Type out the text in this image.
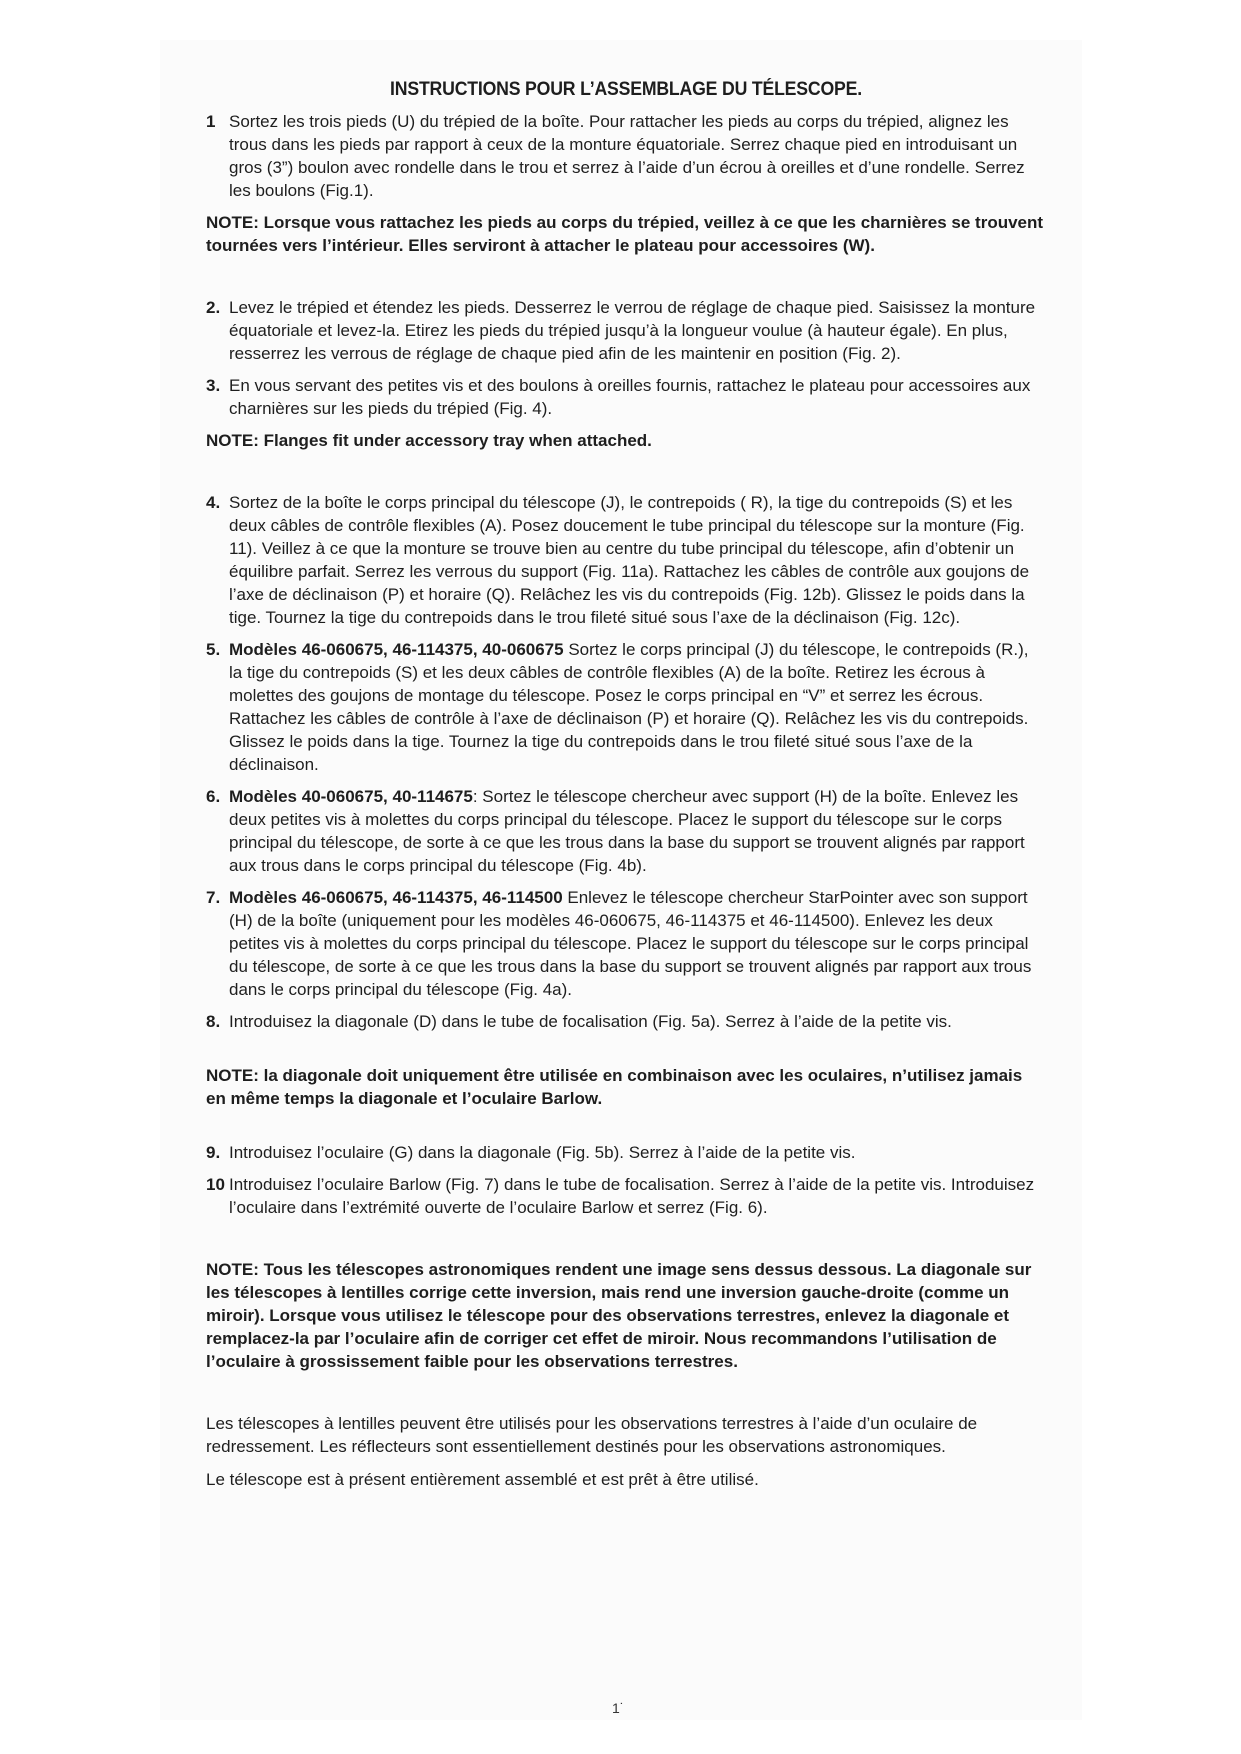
INSTRUCTIONS POUR L’ASSEMBLAGE DU TÉLESCOPE.
1 Sortez les trois pieds (U) du trépied de la boîte. Pour rattacher les pieds au corps du trépied, alignez les trous dans les pieds par rapport à ceux de la monture équatoriale. Serrez chaque pied en introduisant un gros (3”) boulon avec rondelle dans le trou et serrez à l’aide d’un écrou à oreilles et d’une rondelle. Serrez les boulons (Fig.1).
NOTE: Lorsque vous rattachez les pieds au corps du trépied, veillez à ce que les charnières se trouvent tournées vers l’intérieur. Elles serviront à attacher le plateau pour accessoires (W).
2. Levez le trépied et étendez les pieds. Desserrez le verrou de réglage de chaque pied. Saisissez la monture équatoriale et levez-la. Etirez les pieds du trépied jusqu’à la longueur voulue (à hauteur égale). En plus, resserrez les verrous de réglage de chaque pied afin de les maintenir en position (Fig. 2).
3. En vous servant des petites vis et des boulons à oreilles fournis, rattachez le plateau pour accessoires aux charnières sur les pieds du trépied (Fig. 4).
NOTE: Flanges fit under accessory tray when attached.
4. Sortez de la boîte le corps principal du télescope (J), le contrepoids ( R), la tige du contrepoids (S) et les deux câbles de contrôle flexibles (A). Posez doucement le tube principal du télescope sur la monture (Fig. 11). Veillez à ce que la monture se trouve bien au centre du tube principal du télescope, afin d’obtenir un équilibre parfait. Serrez les verrous du support (Fig. 11a). Rattachez les câbles de contrôle aux goujons de l’axe de déclinaison (P) et horaire (Q). Relâchez les vis du contrepoids (Fig. 12b). Glissez le poids dans la tige. Tournez la tige du contrepoids dans le trou fileté situé sous l’axe de la déclinaison (Fig. 12c).
5. Modèles 46-060675, 46-114375, 40-060675 Sortez le corps principal (J) du télescope, le contrepoids (R.), la tige du contrepoids (S) et les deux câbles de contrôle flexibles (A) de la boîte. Retirez les écrous à molettes des goujons de montage du télescope. Posez le corps principal en “V” et serrez les écrous. Rattachez les câbles de contrôle à l’axe de déclinaison (P) et horaire (Q). Relâchez les vis du contrepoids. Glissez le poids dans la tige. Tournez la tige du contrepoids dans le trou fileté situé sous l’axe de la déclinaison.
6. Modèles 40-060675, 40-114675: Sortez le télescope chercheur avec support (H) de la boîte. Enlevez les deux petites vis à molettes du corps principal du télescope. Placez le support du télescope sur le corps principal du télescope, de sorte à ce que les trous dans la base du support se trouvent alignés par rapport aux trous dans le corps principal du télescope (Fig. 4b).
7. Modèles 46-060675, 46-114375, 46-114500 Enlevez le télescope chercheur StarPointer avec son support (H) de la boîte (uniquement pour les modèles 46-060675, 46-114375 et 46-114500). Enlevez les deux petites vis à molettes du corps principal du télescope. Placez le support du télescope sur le corps principal du télescope, de sorte à ce que les trous dans la base du support se trouvent alignés par rapport aux trous dans le corps principal du télescope (Fig. 4a).
8. Introduisez la diagonale (D) dans le tube de focalisation (Fig. 5a). Serrez à l’aide de la petite vis.
NOTE: la diagonale doit uniquement être utilisée en combinaison avec les oculaires, n’utilisez jamais en même temps la diagonale et l’oculaire Barlow.
9. Introduisez l’oculaire (G) dans la diagonale (Fig. 5b). Serrez à l’aide de la petite vis.
10 Introduisez l’oculaire Barlow (Fig. 7) dans le tube de focalisation. Serrez à l’aide de la petite vis. Introduisez l’oculaire dans l’extrémité ouverte de l’oculaire Barlow et serrez (Fig. 6).
NOTE: Tous les télescopes astronomiques rendent une image sens dessus dessous. La diagonale sur les télescopes à lentilles corrige cette inversion, mais rend une inversion gauche-droite (comme un miroir). Lorsque vous utilisez le télescope pour des observations terrestres, enlevez la diagonale et remplacez-la par l’oculaire afin de corriger cet effet de miroir. Nous recommandons l’utilisation de l’oculaire à grossissement faible pour les observations terrestres.
Les télescopes à lentilles peuvent être utilisés pour les observations terrestres à l’aide d’un oculaire de redressement. Les réflecteurs sont essentiellement destinés pour les observations astronomiques.
Le télescope est à présent entièrement assemblé et est prêt à être utilisé.
1˙
